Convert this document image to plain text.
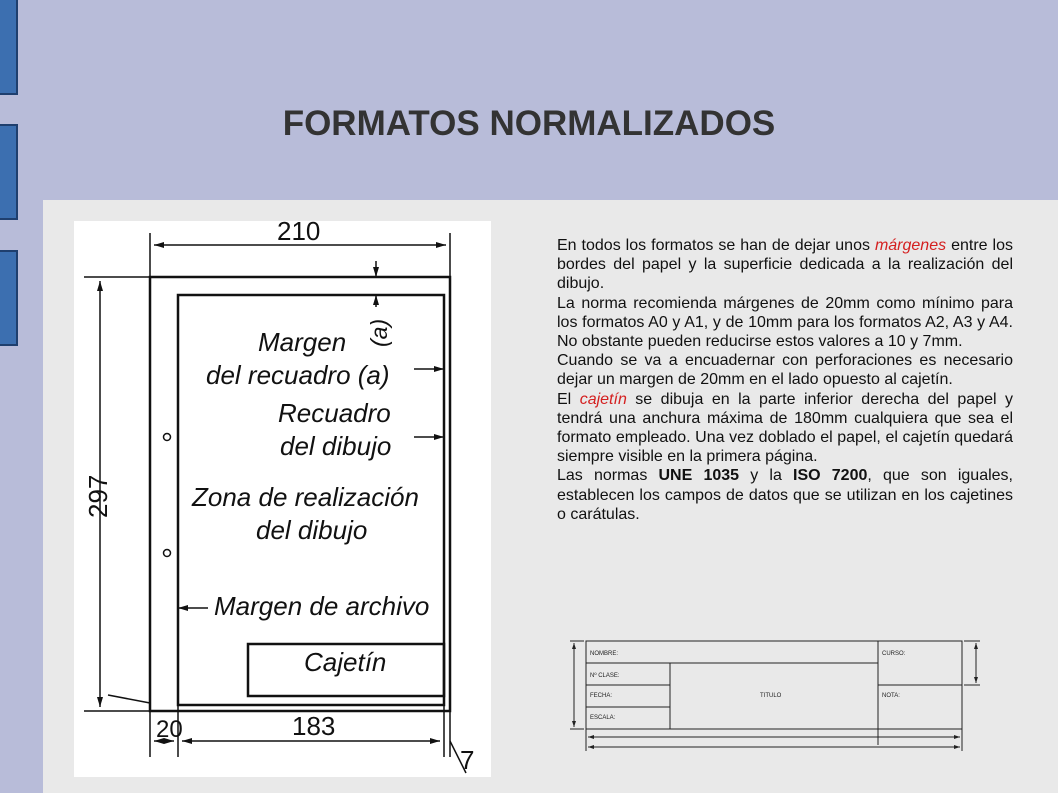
FORMATOS NORMALIZADOS
210
297
(a)
Margen
del recuadro (a)
Recuadro
del dibujo
Zona de realización
del dibujo
Margen de archivo
Cajetín
20	183
7

En todos los formatos se han de dejar unos márgenes entre los bordes del papel y la superficie dedicada a la realización del dibujo.

La norma recomienda márgenes de 20mm como mínimo para los formatos A0 y A1, y de 10mm para los formatos A2, A3 y A4. No obstante pueden reducirse estos valores a 10 y 7mm.

Cuando se va a encuadernar con perforaciones es necesario dejar un margen de 20mm en el lado opuesto al cajetín.

El cajetín se dibuja en la parte inferior derecha del papel y tendrá una anchura máxima de 180mm cualquiera que sea el formato empleado. Una vez doblado el papel, el cajetín quedará siempre visible en la primera página.

Las normas UNE 1035 y la ISO 7200, que son iguales, establecen los campos de datos que se utilizan en los cajetines o carátulas.

NOMBRE:
Nº CLASE:
FECHA:
ESCALA:
TITULO
CURSO:
NOTA:
